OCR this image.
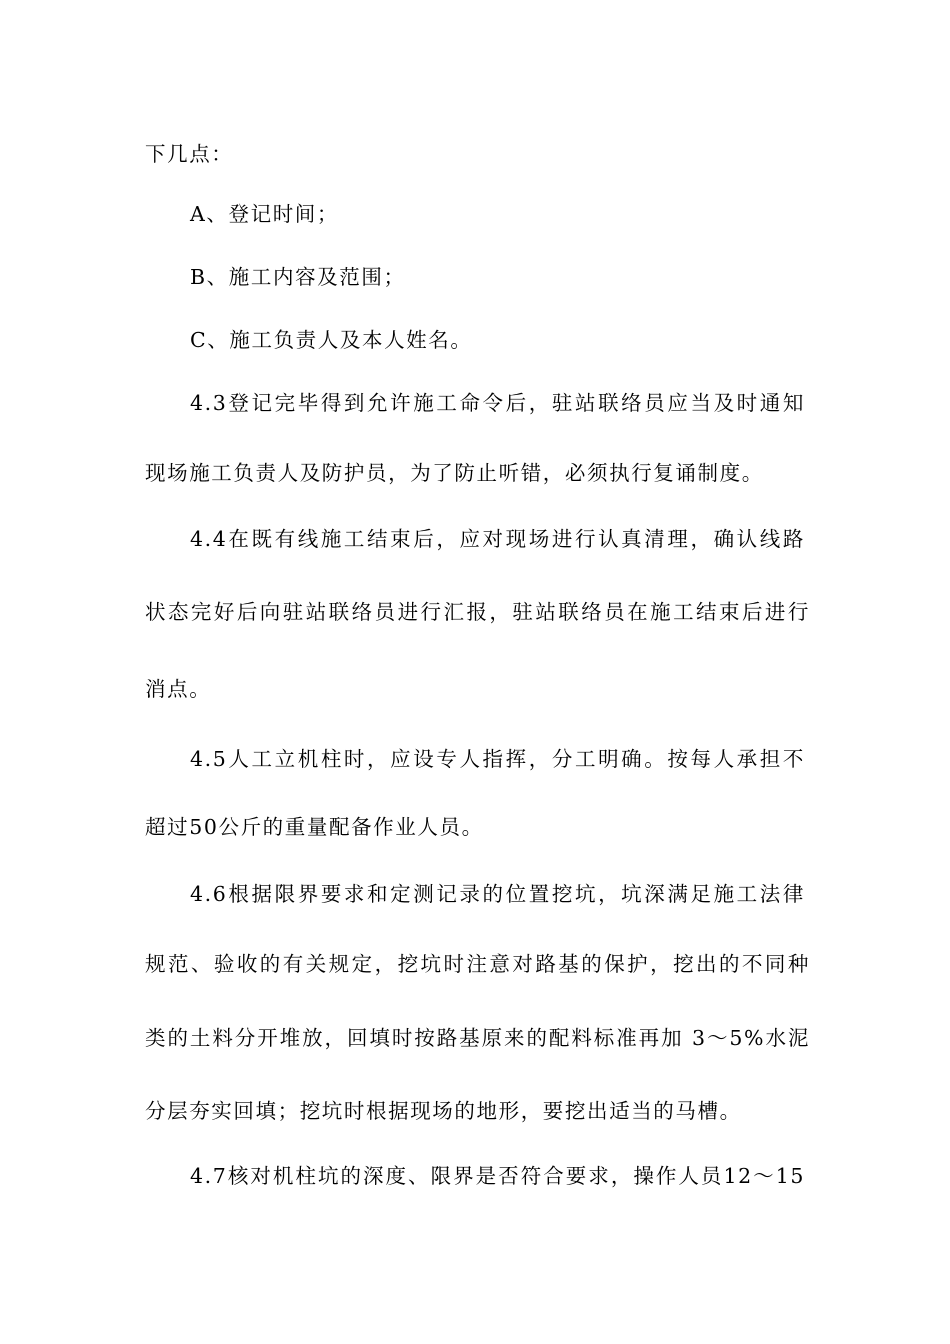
下几点：
A、登记时间；
B、施工内容及范围；
C、施工负责人及本人姓名。
4.3登记完毕得到允许施工命令后，驻站联络员应当及时通知
现场施工负责人及防护员，为了防止听错，必须执行复诵制度。
4.4在既有线施工结束后，应对现场进行认真清理，确认线路
状态完好后向驻站联络员进行汇报，驻站联络员在施工结束后进行
消点。
4.5人工立机柱时，应设专人指挥，分工明确。按每人承担不
超过50公斤的重量配备作业人员。
4.6根据限界要求和定测记录的位置挖坑，坑深满足施工法律
规范、验收的有关规定，挖坑时注意对路基的保护，挖出的不同种
类的土料分开堆放，回填时按路基原来的配料标准再加 3～5%水泥
分层夯实回填；挖坑时根据现场的地形，要挖出适当的马槽。
4.7核对机柱坑的深度、限界是否符合要求，操作人员12～15
